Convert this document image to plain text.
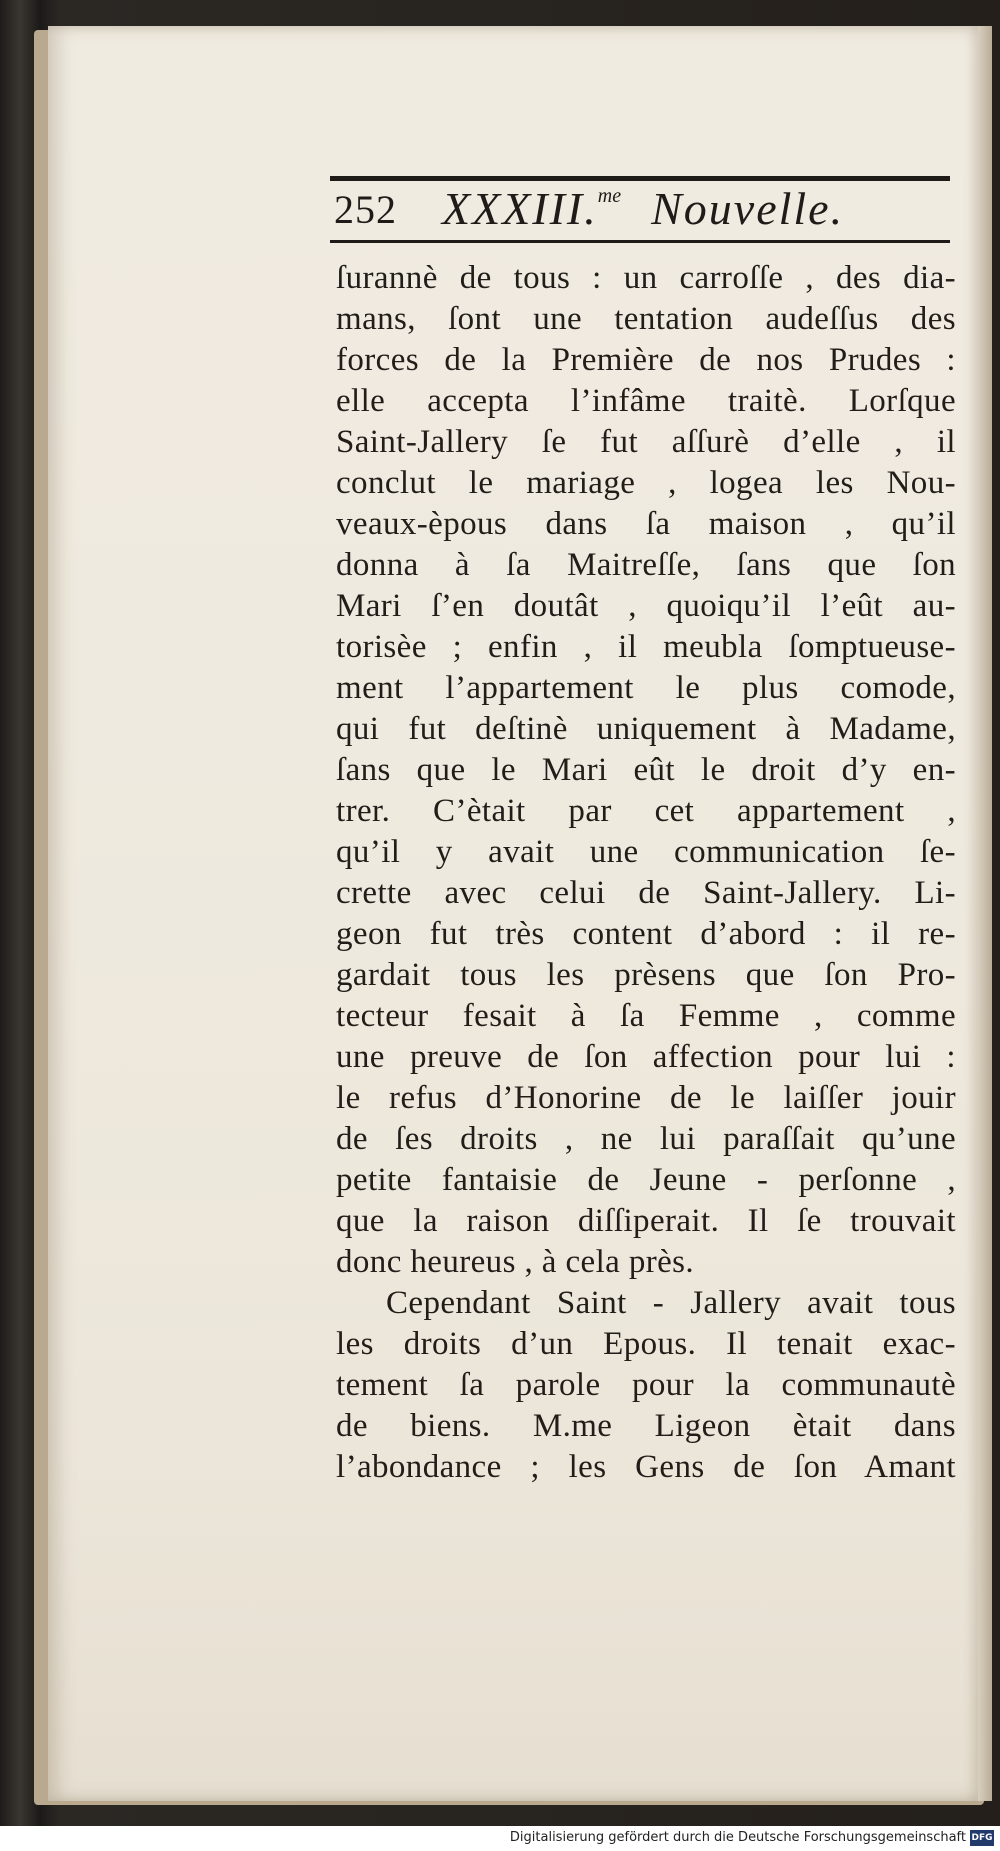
252 XXXIII.$^{me}$ Nouvelle.
ſurannè de tous : un carroſſe , des dia-
mans, ſont une tentation audeſſus des
forces de la Première de nos Prudes :
elle accepta l’infâme traitè. Lorſque
Saint-Jallery ſe fut aſſurè d’elle , il
conclut le mariage , logea les Nou-
veaux-èpous dans ſa maison , qu’il
donna à ſa Maitreſſe, ſans que ſon
Mari ſ’en doutât , quoiqu’il l’eût au-
torisèe ; enfin , il meubla ſomptueuse-
ment l’appartement le plus comode,
qui fut deſtinè uniquement à Madame,
ſans que le Mari eût le droit d’y en-
trer. C’ètait par cet appartement ,
qu’il y avait une communication ſe-
crette avec celui de Saint-Jallery. Li-
geon fut très content d’abord : il re-
gardait tous les prèsens que ſon Pro-
tecteur fesait à ſa Femme , comme
une preuve de ſon affection pour lui :
le refus d’Honorine de le laiſſer jouir
de ſes droits , ne lui paraſſait qu’une
petite fantaisie de Jeune - perſonne ,
que la raison diſſiperait. Il ſe trouvait
donc heureus , à cela près.
Cependant Saint - Jallery avait tous
les droits d’un Epous. Il tenait exac-
tement ſa parole pour la communautè
de biens. M.me Ligeon ètait dans
l’abondance ; les Gens de ſon Amant
Digitalisierung gefördert durch die Deutsche Forschungsgemeinschaft DFG
